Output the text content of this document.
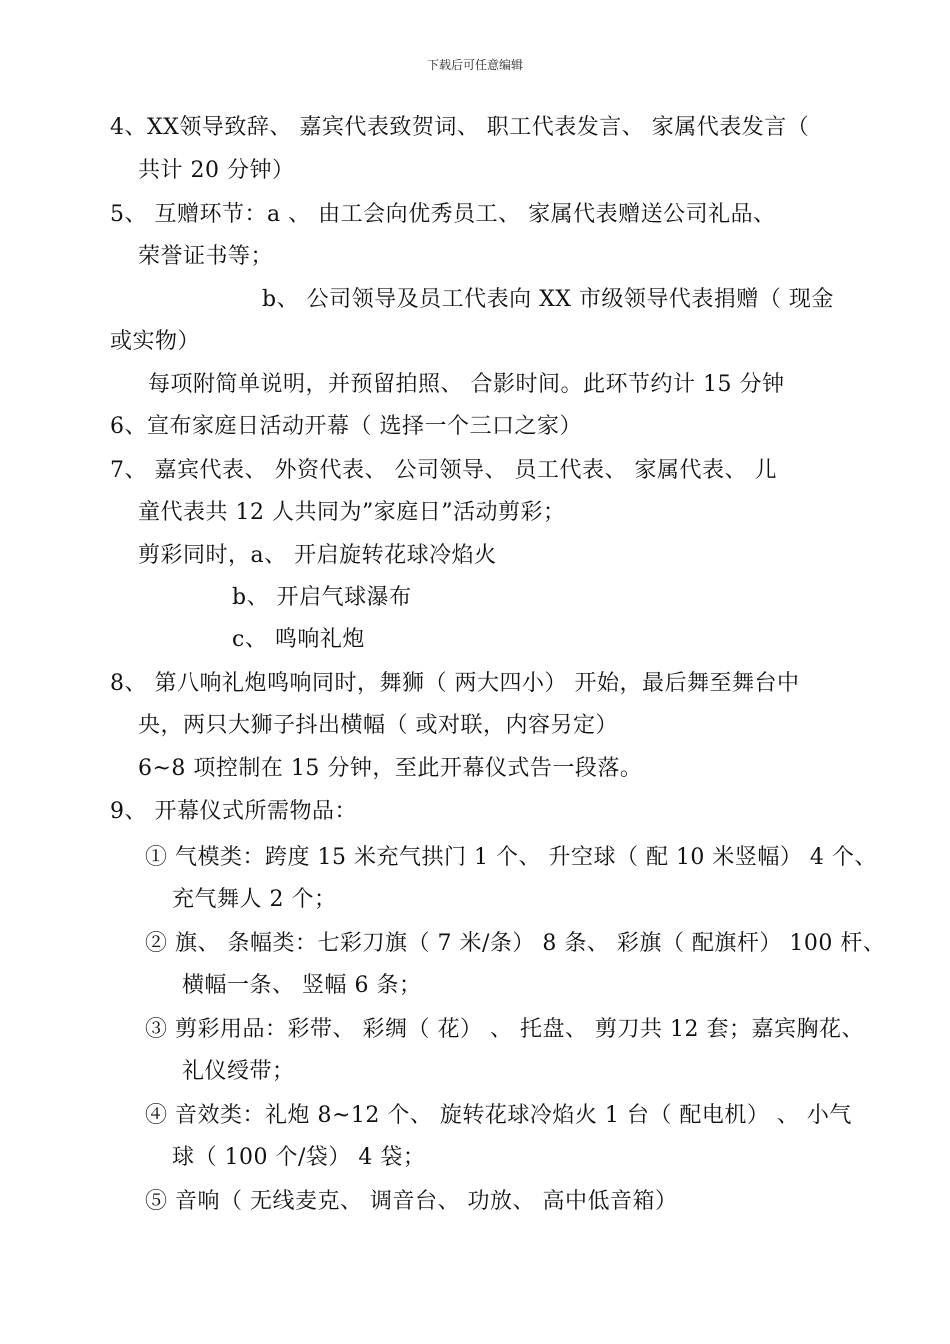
下载后可任意编辑
4、XX领导致辞、 嘉宾代表致贺词、 职工代表发言、 家属代表发言（
共计 20 分钟）
5、 互赠环节：a 、 由工会向优秀员工、 家属代表赠送公司礼品、
荣誉证书等；
b、 公司领导及员工代表向 XX 市级领导代表捐赠（ 现金
或实物）
每项附简单说明，并预留拍照、 合影时间。此环节约计 15 分钟
6、宣布家庭日活动开幕（ 选择一个三口之家）
7、 嘉宾代表、 外资代表、 公司领导、 员工代表、 家属代表、 儿
童代表共 12 人共同为”家庭日”活动剪彩；
剪彩同时，a、 开启旋转花球冷焰火
b、 开启气球瀑布
c、 鸣响礼炮
8、 第八响礼炮鸣响同时，舞狮（ 两大四小） 开始，最后舞至舞台中
央，两只大狮子抖出横幅（ 或对联，内容另定）
6~8 项控制在 15 分钟，至此开幕仪式告一段落。
9、 开幕仪式所需物品：
① 气模类：跨度 15 米充气拱门 1 个、 升空球（ 配 10 米竖幅） 4 个、
充气舞人 2 个；
② 旗、 条幅类：七彩刀旗（ 7 米/条） 8 条、 彩旗（ 配旗杆） 100 杆、
横幅一条、 竖幅 6 条；
③ 剪彩用品：彩带、 彩绸（ 花） 、 托盘、 剪刀共 12 套；嘉宾胸花、
礼仪绶带；
④ 音效类：礼炮 8~12 个、 旋转花球冷焰火 1 台（ 配电机） 、 小气
球（ 100 个/袋） 4 袋；
⑤ 音响（ 无线麦克、 调音台、 功放、 高中低音箱）
